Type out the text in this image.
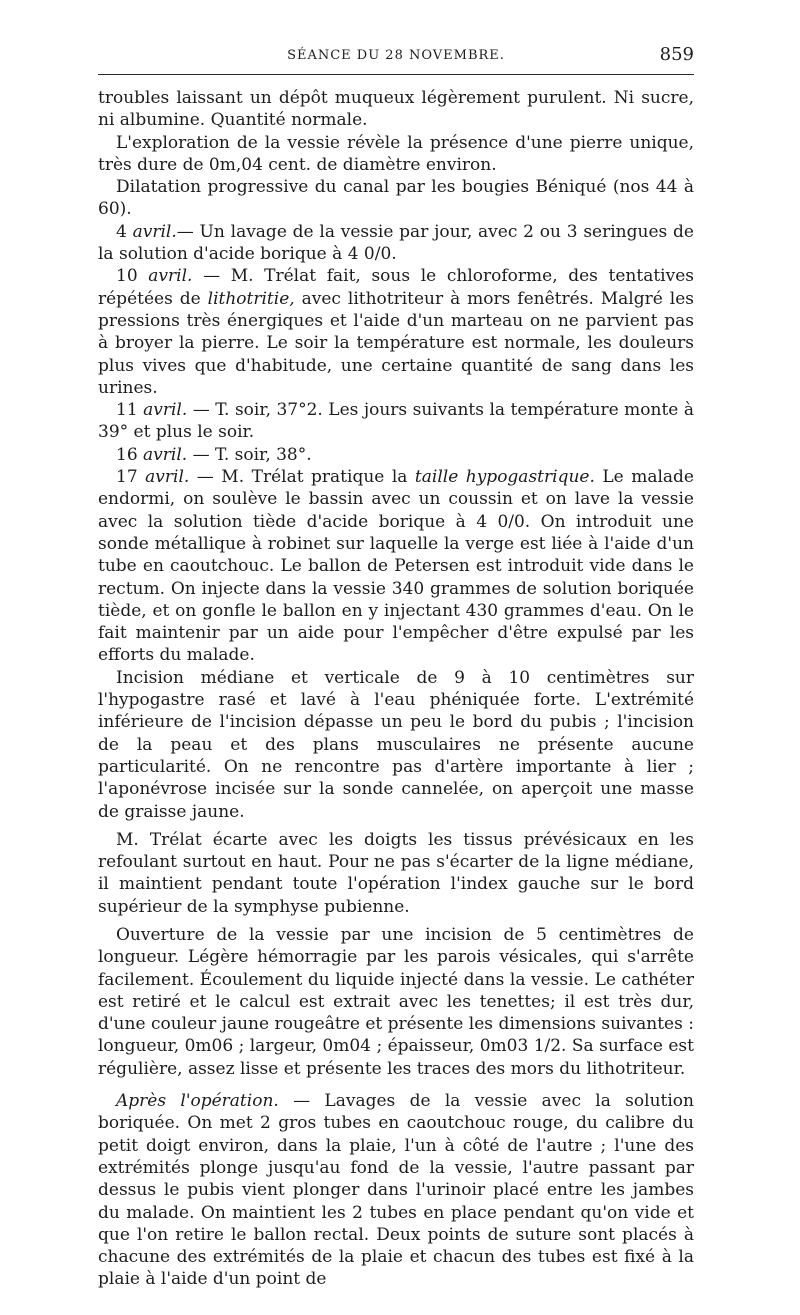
SÉANCE DU 28 NOVEMBRE.	859

troubles laissant un dépôt muqueux légèrement purulent. Ni sucre, ni albumine. Quantité normale.

L'exploration de la vessie révèle la présence d'une pierre unique, très dure de 0m,04 cent. de diamètre environ.

Dilatation progressive du canal par les bougies Béniqué (nos 44 à 60).

4 avril.— Un lavage de la vessie par jour, avec 2 ou 3 seringues de la solution d'acide borique à 4 0/0.

10 avril. — M. Trélat fait, sous le chloroforme, des tentatives répétées de lithotritie, avec lithotriteur à mors fenêtrés. Malgré les pressions très énergiques et l'aide d'un marteau on ne parvient pas à broyer la pierre. Le soir la température est normale, les douleurs plus vives que d'habitude, une certaine quantité de sang dans les urines.

11 avril. — T. soir, 37°2. Les jours suivants la température monte à 39° et plus le soir.

16 avril. — T. soir, 38°.

17 avril. — M. Trélat pratique la taille hypogastrique. Le malade endormi, on soulève le bassin avec un coussin et on lave la vessie avec la solution tiède d'acide borique à 4 0/0. On introduit une sonde métallique à robinet sur laquelle la verge est liée à l'aide d'un tube en caoutchouc. Le ballon de Petersen est introduit vide dans le rectum. On injecte dans la vessie 340 grammes de solution boriquée tiède, et on gonfle le ballon en y injectant 430 grammes d'eau. On le fait maintenir par un aide pour l'empêcher d'être expulsé par les efforts du malade.

Incision médiane et verticale de 9 à 10 centimètres sur l'hypogastre rasé et lavé à l'eau phéniquée forte. L'extrémité inférieure de l'incision dépasse un peu le bord du pubis ; l'incision de la peau et des plans musculaires ne présente aucune particularité. On ne rencontre pas d'artère importante à lier ; l'aponévrose incisée sur la sonde cannelée, on aperçoit une masse de graisse jaune.

M. Trélat écarte avec les doigts les tissus prévésicaux en les refoulant surtout en haut. Pour ne pas s'écarter de la ligne médiane, il maintient pendant toute l'opération l'index gauche sur le bord supérieur de la symphyse pubienne.

Ouverture de la vessie par une incision de 5 centimètres de longueur. Légère hémorragie par les parois vésicales, qui s'arrête facilement. Écoulement du liquide injecté dans la vessie. Le cathéter est retiré et le calcul est extrait avec les tenettes; il est très dur, d'une couleur jaune rougeâtre et présente les dimensions suivantes : longueur, 0m06 ; largeur, 0m04 ; épaisseur, 0m03 1/2. Sa surface est régulière, assez lisse et présente les traces des mors du lithotriteur.

Après l'opération. — Lavages de la vessie avec la solution boriquée. On met 2 gros tubes en caoutchouc rouge, du calibre du petit doigt environ, dans la plaie, l'un à côté de l'autre ; l'une des extrémités plonge jusqu'au fond de la vessie, l'autre passant par dessus le pubis vient plonger dans l'urinoir placé entre les jambes du malade. On maintient les 2 tubes en place pendant qu'on vide et que l'on retire le ballon rectal. Deux points de suture sont placés à chacune des extrémités de la plaie et chacun des tubes est fixé à la plaie à l'aide d'un point de
